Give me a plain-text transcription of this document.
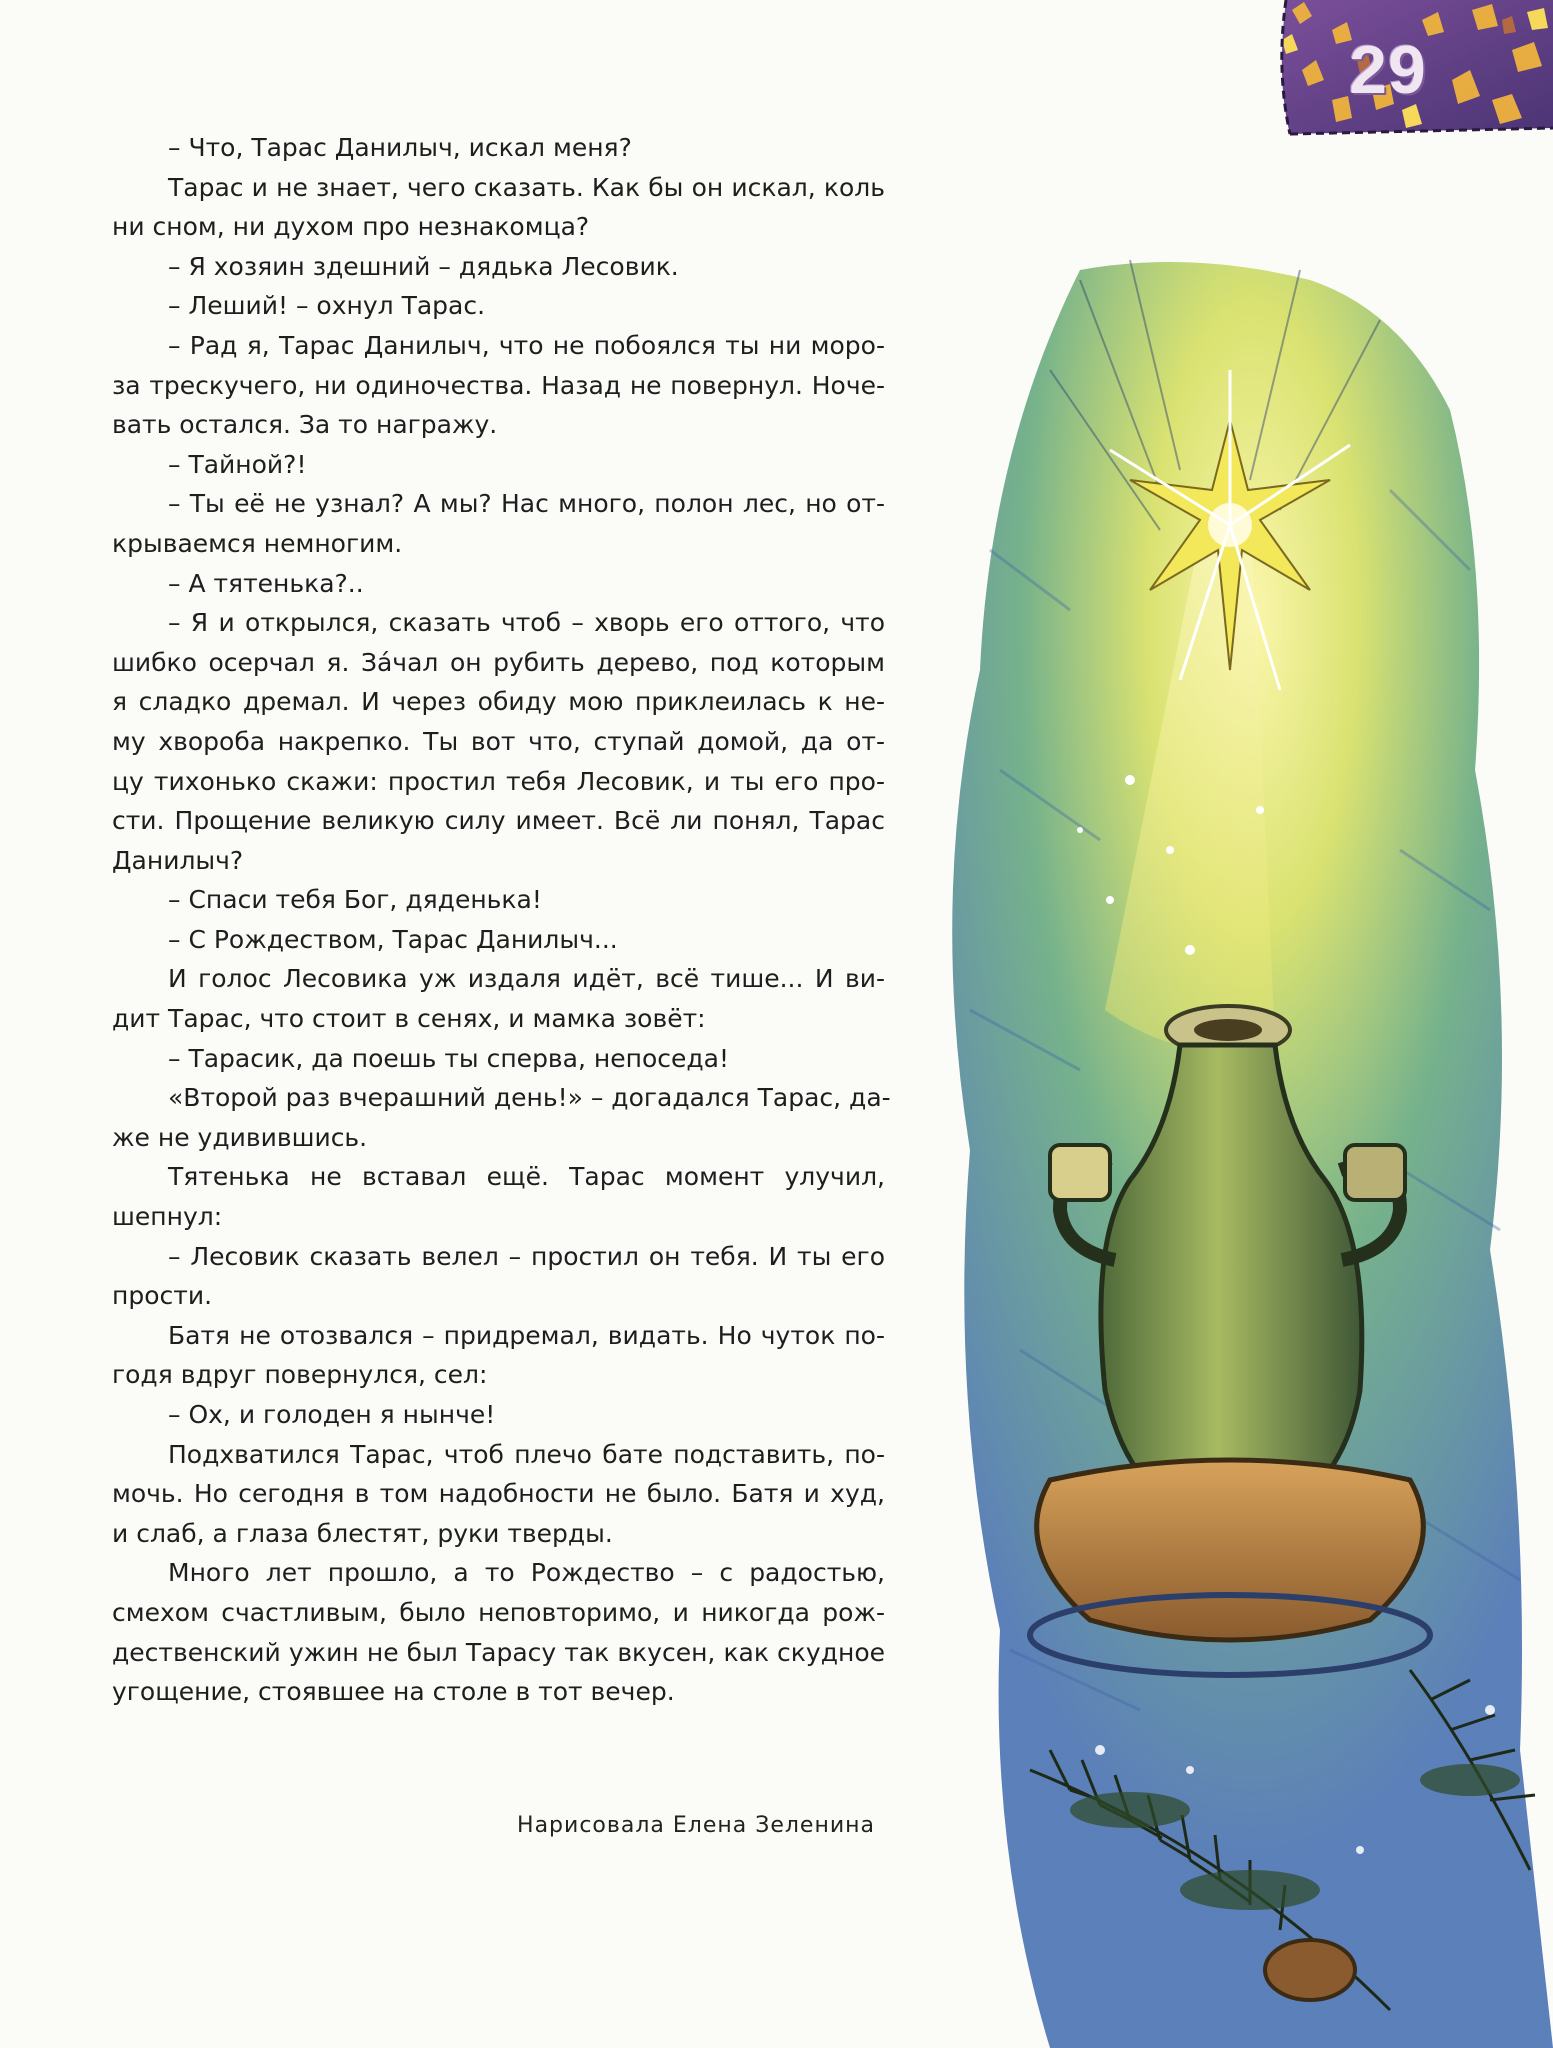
29
– Что, Тарас Данилыч, искал меня?
Тарас и не знает, чего сказать. Как бы он искал, коль
ни сном, ни духом про незнакомца?
– Я хозяин здешний – дядька Лесовик.
– Леший! – охнул Тарас.
– Рад я, Тарас Данилыч, что не побоялся ты ни моро-
за трескучего, ни одиночества. Назад не повернул. Ноче-
вать остался. За то награжу.
– Тайной?!
– Ты её не узнал? А мы? Нас много, полон лес, но от-
крываемся немногим.
– А тятенька?..
– Я и открылся, сказать чтоб – хворь его оттого, что
шибко осерчал я. За́чал он рубить дерево, под которым
я сладко дремал. И через обиду мою приклеилась к не-
му хвороба накрепко. Ты вот что, ступай домой, да от-
цу тихонько скажи: простил тебя Лесовик, и ты его про-
сти. Прощение великую силу имеет. Всё ли понял, Тарас
Данилыч?
– Спаси тебя Бог, дяденька!
– С Рождеством, Тарас Данилыч...
И голос Лесовика уж издаля идёт, всё тише... И ви-
дит Тарас, что стоит в сенях, и мамка зовёт:
– Тарасик, да поешь ты сперва, непоседа!
«Второй раз вчерашний день!» – догадался Тарас, да-
же не удивившись.
Тятенька не вставал ещё. Тарас момент улучил,
шепнул:
– Лесовик сказать велел – простил он тебя. И ты его
прости.
Батя не отозвался – придремал, видать. Но чуток по-
годя вдруг повернулся, сел:
– Ох, и голоден я нынче!
Подхватился Тарас, чтоб плечо бате подставить, по-
мочь. Но сегодня в том надобности не было. Батя и худ,
и слаб, а глаза блестят, руки тверды.
Много лет прошло, а то Рождество – с радостью,
смехом счастливым, было неповторимо, и никогда рож-
дественский ужин не был Тарасу так вкусен, как скудное
угощение, стоявшее на столе в тот вечер.
Нарисовала Елена Зеленина
